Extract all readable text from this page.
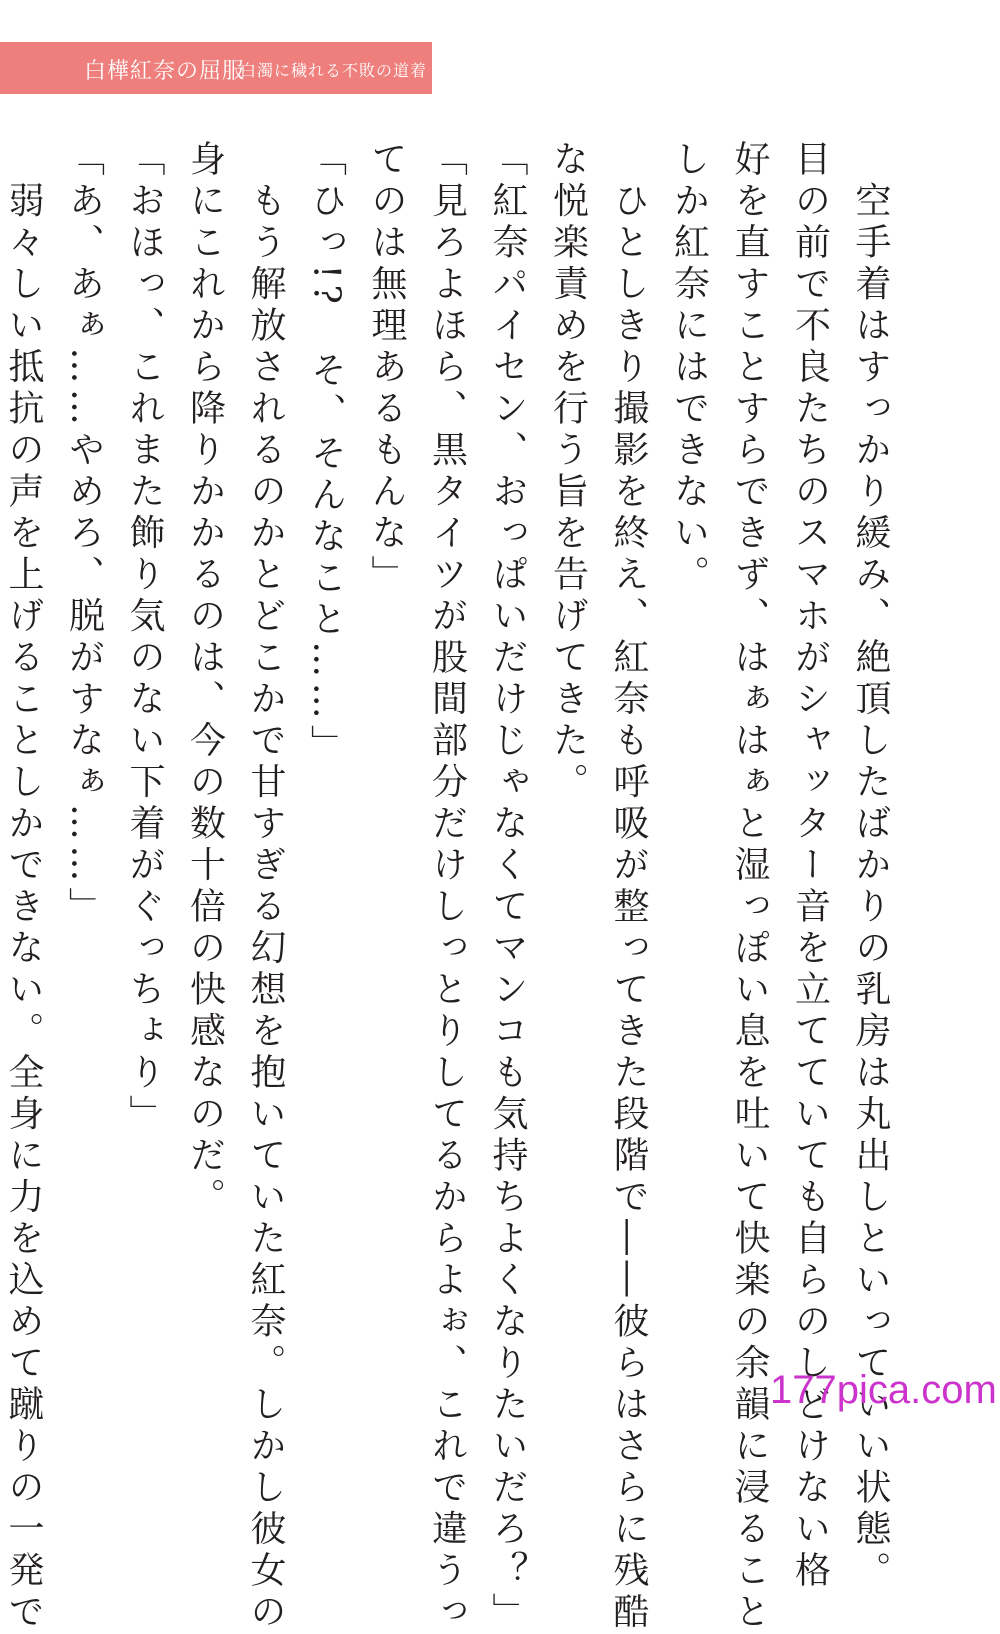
白樺紅奈の屈服
白濁に穢れる不敗の道着

　空手着はすっかり緩み、絶頂したばかりの乳房は丸出しといっていい状態。

目の前で不良たちのスマホがシャッター音を立てていても自らのしどけない格

好を直すことすらできず、はぁはぁと湿っぽい息を吐いて快楽の余韻に浸ること

しか紅奈にはできない。

　ひとしきり撮影を終え、紅奈も呼吸が整ってきた段階で――彼らはさらに残酷

な悦楽責めを行う旨を告げてきた。

「紅奈パイセン、おっぱいだけじゃなくてマンコも気持ちよくなりたいだろ？」

「見ろよほら、黒タイツが股間部分だけしっとりしてるからよぉ、これで違うっ

てのは無理あるもんな」

「ひっ!?　そ、そんなこと……」

　もう解放されるのかとどこかで甘すぎる幻想を抱いていた紅奈。しかし彼女の

身にこれから降りかかるのは、今の数十倍の快感なのだ。

「おほっ、これまた飾り気のない下着がぐっちょり」

「あ、あぁ……やめろ、脱がすなぁ……」

　弱々しい抵抗の声を上げることしかできない。全身に力を込めて蹴りの一発で	177pica.com
